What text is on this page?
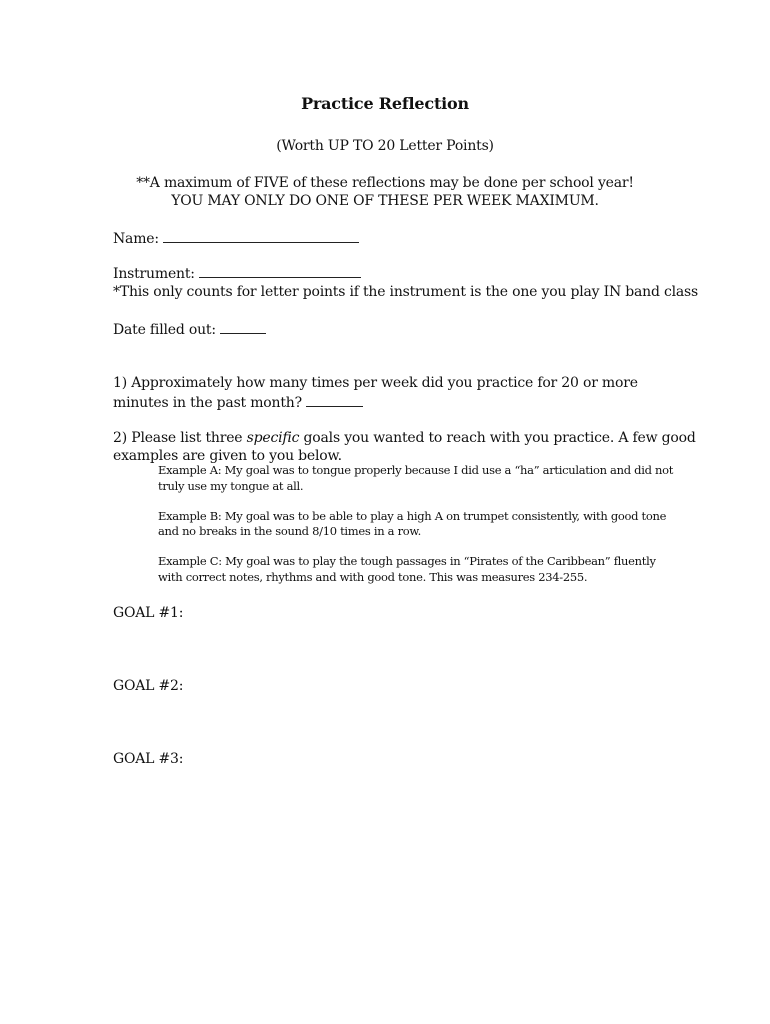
Practice Reflection
(Worth UP TO 20 Letter Points)
**A maximum of FIVE of these reflections may be done per school year!
YOU MAY ONLY DO ONE OF THESE PER WEEK MAXIMUM.
Name:
Instrument:
*This only counts for letter points if the instrument is the one you play IN band class
Date filled out:
1) Approximately how many times per week did you practice for 20 or more
minutes in the past month?
2) Please list three specific goals you wanted to reach with you practice. A few good
examples are given to you below.
Example A: My goal was to tongue properly because I did use a “ha” articulation and did not
truly use my tongue at all.
Example B: My goal was to be able to play a high A on trumpet consistently, with good tone
and no breaks in the sound 8/10 times in a row.
Example C: My goal was to play the tough passages in “Pirates of the Caribbean” fluently
with correct notes, rhythms and with good tone. This was measures 234-255.
GOAL #1:
GOAL #2:
GOAL #3:
